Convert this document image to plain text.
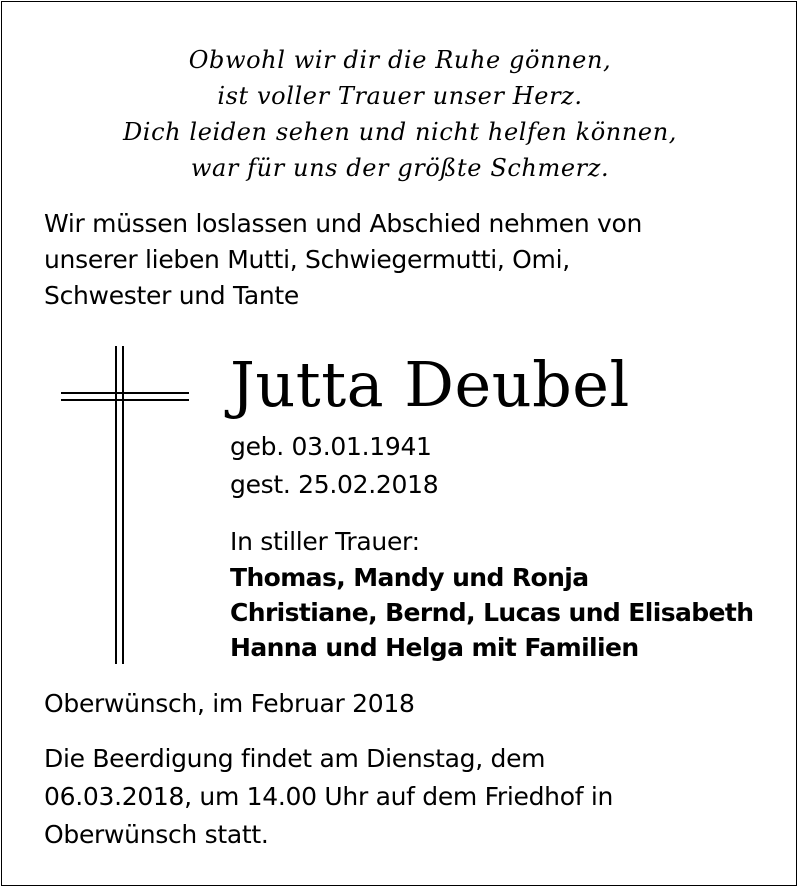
Obwohl wir dir die Ruhe gönnen,
ist voller Trauer unser Herz.
Dich leiden sehen und nicht helfen können,
war für uns der größte Schmerz.
Wir müssen loslassen und Abschied nehmen von
unserer lieben Mutti, Schwiegermutti, Omi,
Schwester und Tante
Jutta Deubel
geb. 03.01.1941
gest. 25.02.2018
In stiller Trauer:
Thomas, Mandy und Ronja
Christiane, Bernd, Lucas und Elisabeth
Hanna und Helga mit Familien
Oberwünsch, im Februar 2018
Die Beerdigung findet am Dienstag, dem
06.03.2018, um 14.00 Uhr auf dem Friedhof in
Oberwünsch statt.
